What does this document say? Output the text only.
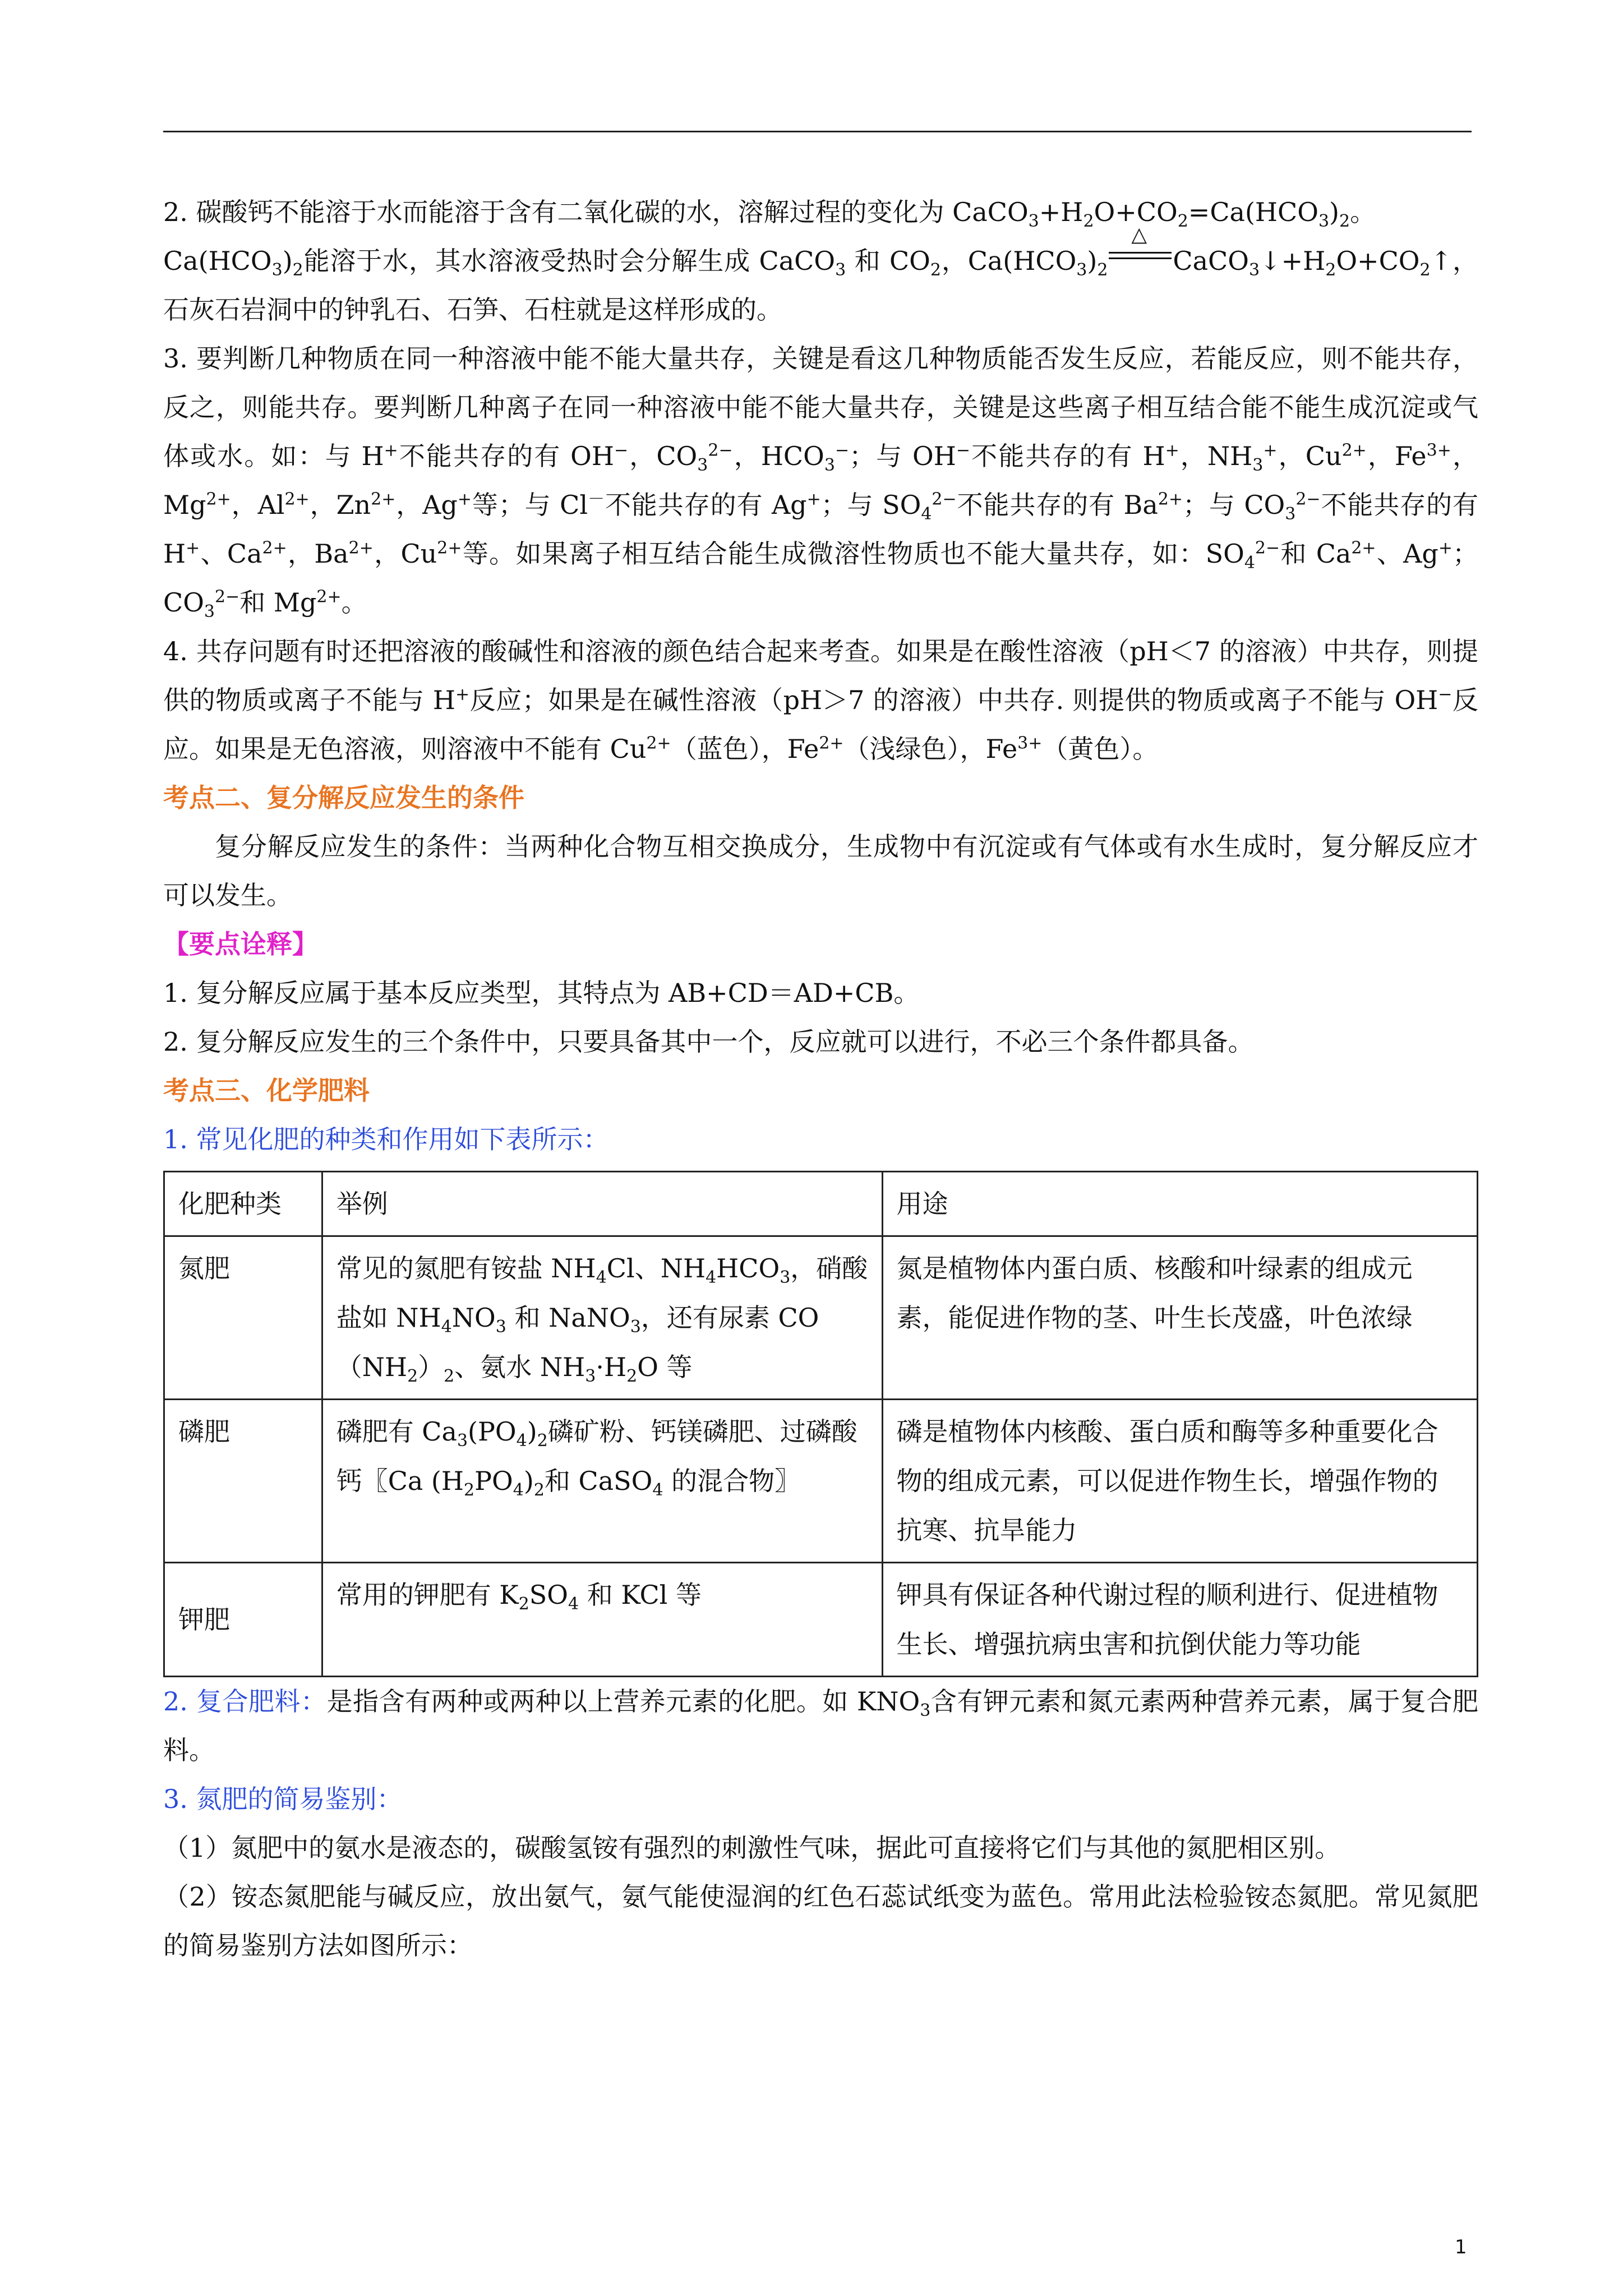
2. 碳酸钙不能溶于水而能溶于含有二氧化碳的水，溶解过程的变化为 $CaCO_3+H_2O+CO_2=Ca(HCO_3)_2$。
$Ca(HCO_3)_2$能溶于水，其水溶液受热时会分解生成 CaCO$_3$ 和 $CO_2$，$Ca(HCO_3)_2$
△
$CaCO_3↓+H_2O+CO_2↑$，石灰石岩洞中的钟乳石、石笋、石柱就是这样形成的。

3. 要判断几种物质在同一种溶液中能不能大量共存，关键是看这几种物质能否发生反应，若能反应，则不能共存，反之，则能共存。要判断几种离子在同一种溶液中能不能大量共存，关键是这些离子相互结合能不能生成沉淀或气体或水。如：与 H+不能共存的有 OH−，$CO_3^{2-}$，$HCO_3^-$；与 OH−不能共存的有 H+，$NH_3^+$，$Cu^{2+}$，$Fe^{3+}$，$Mg^{2+}$，$Al^{2+}$，$Zn^{2+}$，Ag+等；与 Cl－不能共存的有 Ag+；与 $SO_4^{2-}$不能共存的有 $Ba^{2+}$；与 $CO_3^{2-}$不能共存的有 H+、$Ca^{2+}$，$Ba^{2+}$，$Cu^{2+}$等。如果离子相互结合能生成微溶性物质也不能大量共存，如：$SO_4^{2-}$和 $Ca^{2+}$、Ag+；$CO_3^{2-}$和 $Mg^{2+}$。

4. 共存问题有时还把溶液的酸碱性和溶液的颜色结合起来考查。如果是在酸性溶液（pH＜7 的溶液）中共存，则提供的物质或离子不能与 H+反应；如果是在碱性溶液（pH＞7 的溶液）中共存. 则提供的物质或离子不能与 OH−反应。如果是无色溶液，则溶液中不能有 $Cu^{2+}$（蓝色），$Fe^{2+}$（浅绿色），$Fe^{3+}$（黄色）。

考点二、复分解反应发生的条件

复分解反应发生的条件：当两种化合物互相交换成分，生成物中有沉淀或有气体或有水生成时，复分解反应才可以发生。

【要点诠释】

1. 复分解反应属于基本反应类型，其特点为 AB+CD＝AD+CB。

2. 复分解反应发生的三个条件中，只要具备其中一个，反应就可以进行，不必三个条件都具备。

考点三、化学肥料

1. 常见化肥的种类和作用如下表所示：

化肥种类	举例	用途
氮肥	常见的氮肥有铵盐 $NH_4Cl$、$NH_4HCO_3$，硝酸盐如 $NH_4NO_3$ 和 NaNO$_3$，还有尿素 $CO(NH_2)_2$、氨水 $NH_3\cdot H_2O$ 等	氮是植物体内蛋白质、核酸和叶绿素的组成元素，能促进作物的茎、叶生长茂盛，叶色浓绿
磷肥	磷肥有 $Ca_3(PO_4)_2$磷矿粉、钙镁磷肥、过磷酸钙〖Ca $(H_2PO_4)_2$和 CaSO$_4$ 的混合物〗	磷是植物体内核酸、蛋白质和酶等多种重要化合物的组成元素，可以促进作物生长，增强作物的抗寒、抗旱能力
钾肥	常用的钾肥有 $K_2SO_4$ 和 KCl 等	钾具有保证各种代谢过程的顺利进行、促进植物生长、增强抗病虫害和抗倒伏能力等功能

2. 复合肥料：是指含有两种或两种以上营养元素的化肥。如 $KNO_3$含有钾元素和氮元素两种营养元素，属于复合肥料。

3. 氮肥的简易鉴别：

（1）氮肥中的氨水是液态的，碳酸氢铵有强烈的刺激性气味，据此可直接将它们与其他的氮肥相区别。

（2）铵态氮肥能与碱反应，放出氨气，氨气能使湿润的红色石蕊试纸变为蓝色。常用此法检验铵态氮肥。常见氮肥的简易鉴别方法如图所示：

1
